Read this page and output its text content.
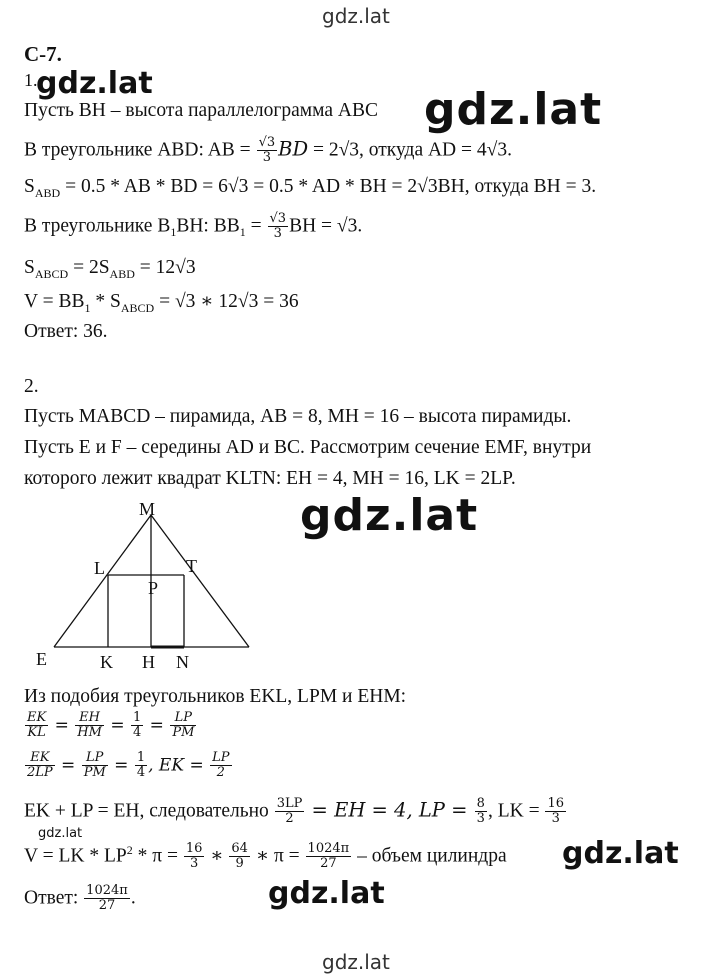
gdz.lat
gdz.lat
С-7.
1.
gdz.lat
Пусть BH – высота параллелограмма ABC gdz.lat
В треугольнике ABD: AB = $\frac{√3}{3}$ BD = 2√3, откуда AD = 4√3.
$S_{ABD} = 0.5$ * AB * BD = 6√3 = 0.5 * AD * BH = 2√3BH, откуда BH = 3.
В треугольнике $B_1BH$: $BB_1 = \frac{√3}{3}$ BH = √3.
$S_{ABCD} = 2S_{ABD} = 12√3$
$V = BB_1 * S_{ABCD} = √3$ ∗ 12√3 = 36
Ответ: 36.
2.
Пусть MABCD – пирамида, AB = 8, MH = 16 – высота пирамиды.
Пусть E и F – середины AD и BC. Рассмотрим сечение EMF, внутри
которого лежит квадрат KLTN: EH = 4, MH = 16, LK = 2LP.
M
L	T
P
E	K H N
gdz.lat
Из подобия треугольников EKL, LPM и EHM:
$\frac{EK}{KL} = \frac{EH}{HM} = \frac{1}{4} = \frac{LP}{PM}$
$\frac{EK}{2LP} = \frac{LP}{PM} = \frac{1}{4}$ , EK = $\frac{LP}{2}$
EK + LP = EH, следовательно $\frac{3LP}{2}$ = EH = 4, LP = $\frac{8}{3}$ , LK = $\frac{16}{3}$
gdz.lat
V = LK * $LP^2 * \pi = \frac{16}{3}$ ∗ $\frac{64}{9}$ ∗ $\pi = \frac{1024\pi}{27}$ – объем цилиндра gdz.lat
Ответ: $\frac{1024\pi}{27}$ .	gdz.lat
